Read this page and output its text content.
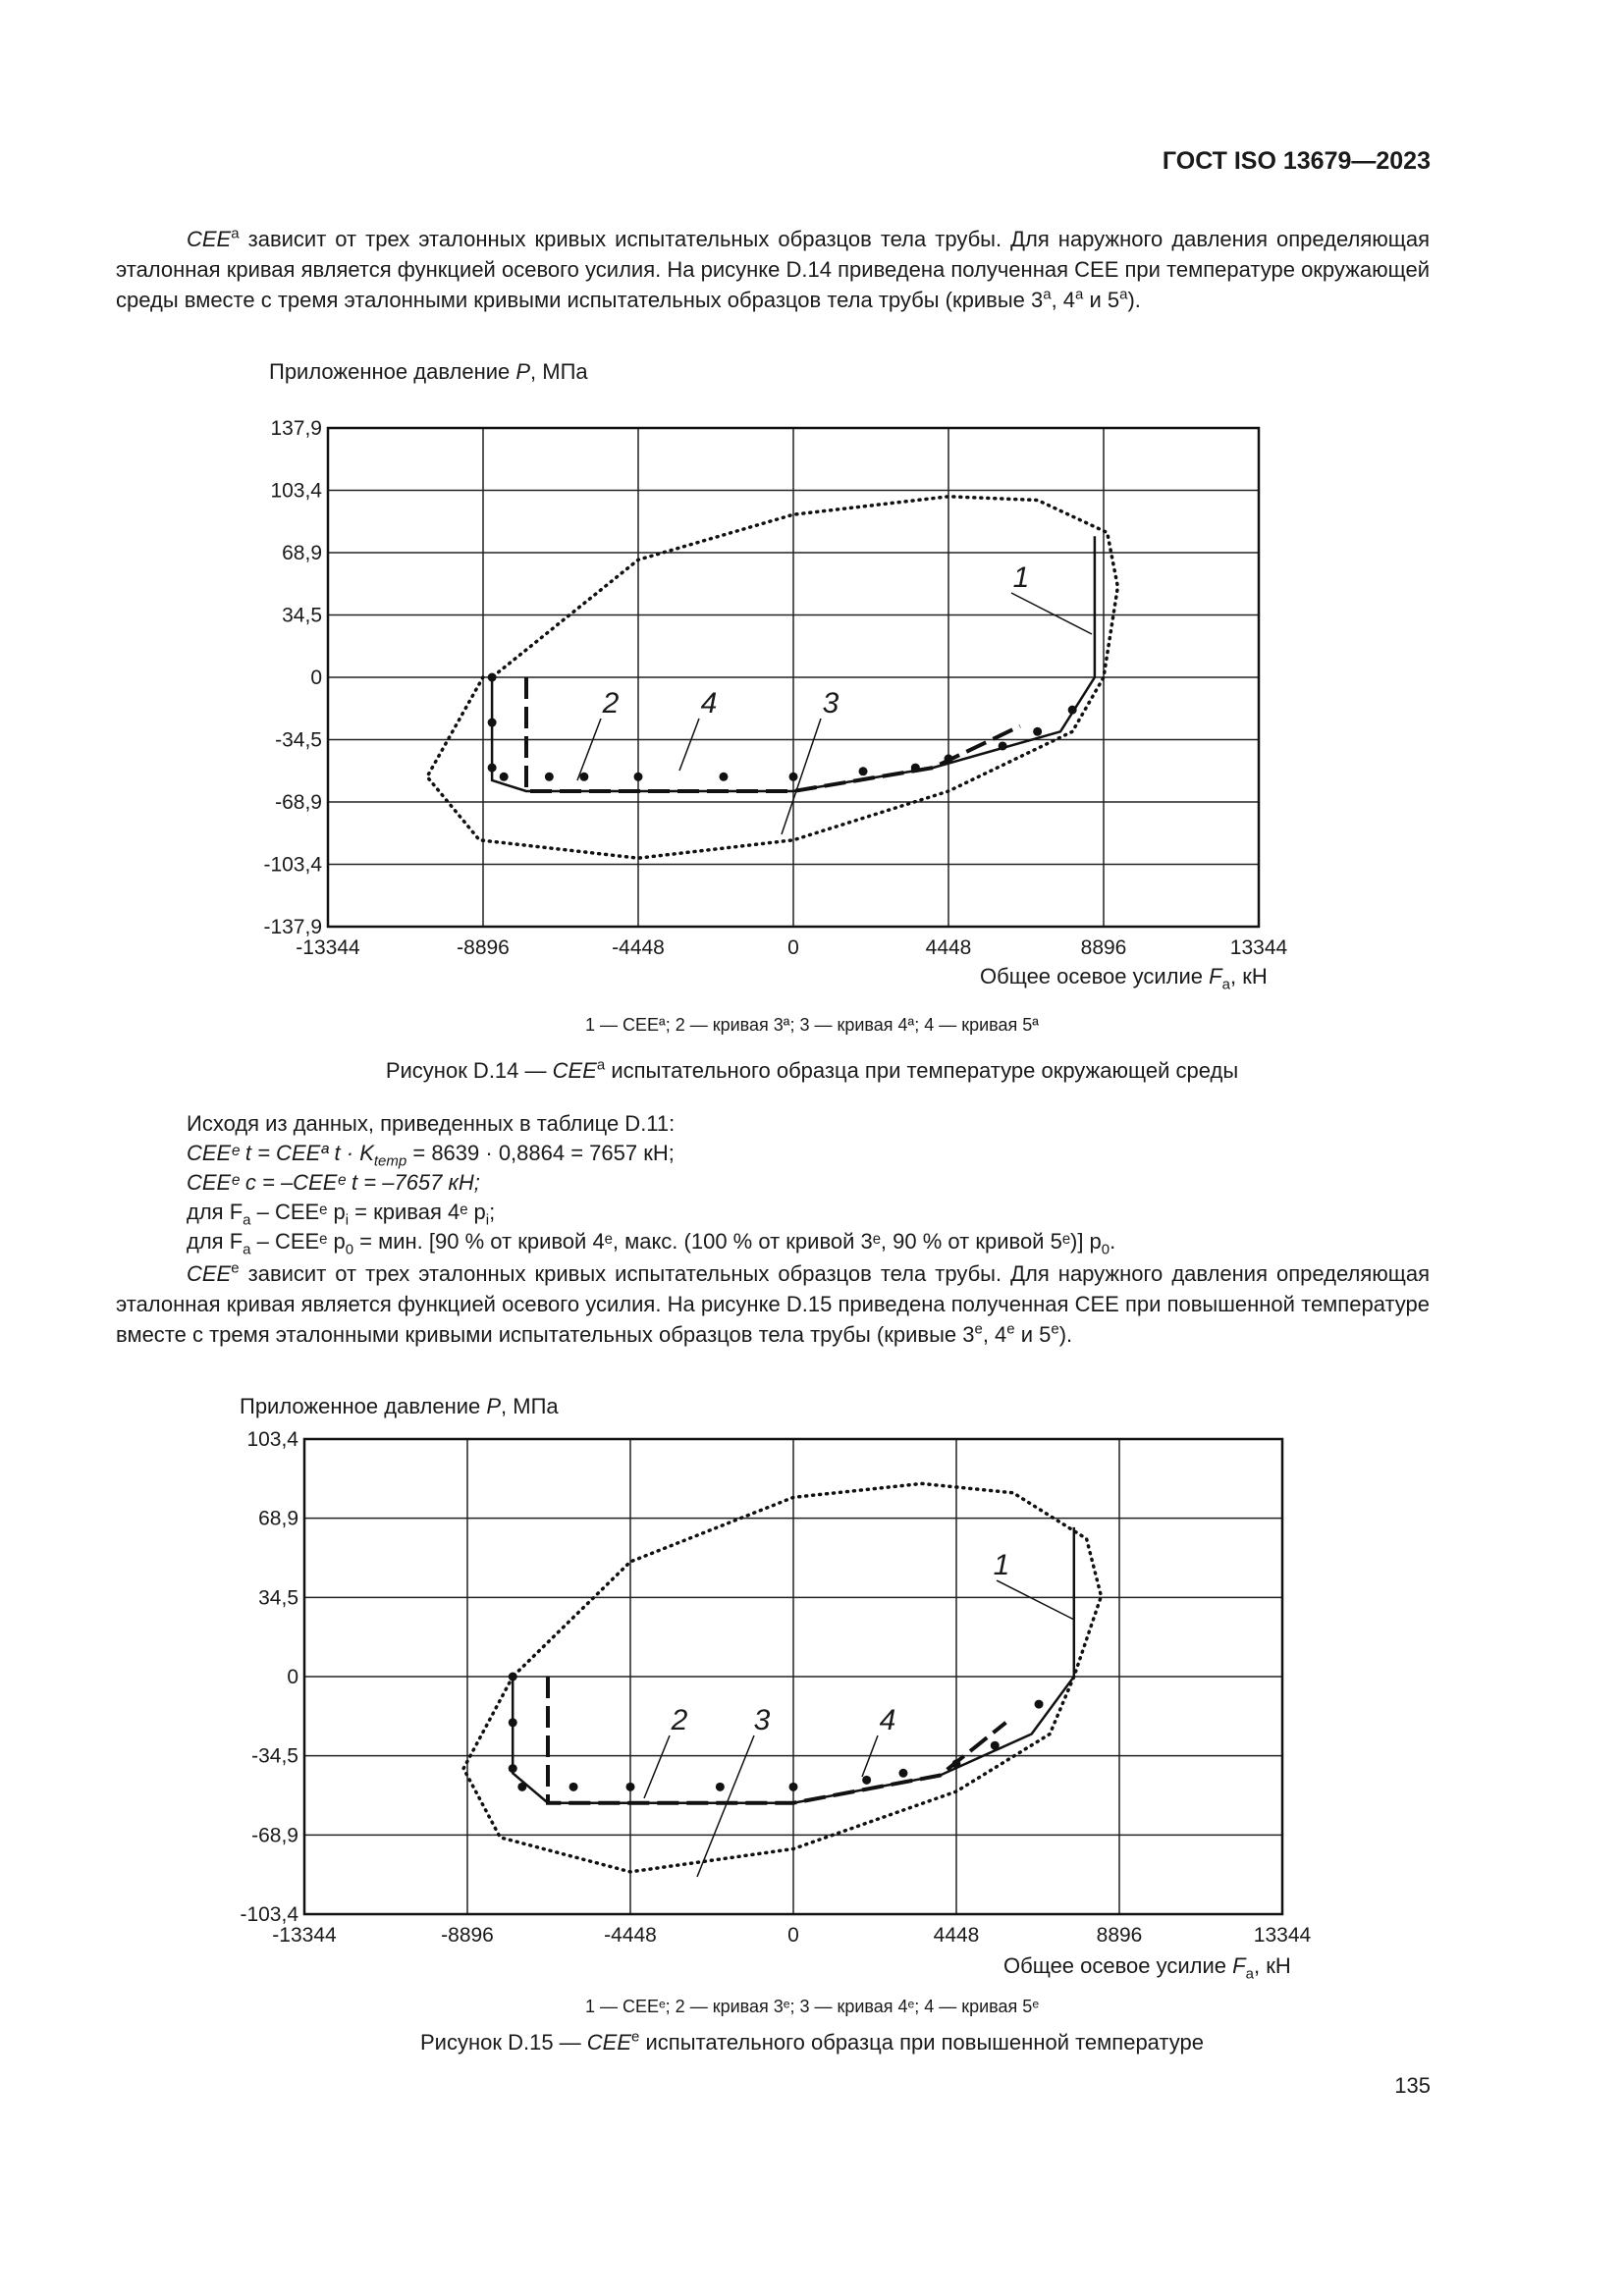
ГОСТ ISO 13679—2023
CEE$^a$ зависит от трех эталонных кривых испытательных образцов тела трубы. Для наружного давления определяющая эталонная кривая является функцией осевого усилия. На рисунке D.14 приведена полученная СЕЕ при температуре окружающей среды вместе с тремя эталонными кривыми испытательных образцов тела трубы (кривые 3$^a$, 4$^a$ и 5$^a$).
Приложенное давление P, МПа
-13344	-8896	-4448	0	4448	8896	13344
137,9
103,4
68,9
34,5
0
-34,5
-68,9
-103,4
-137,9
1
2	3
4
Общее осевое усилие $F_a$, кН
1 — CEEª; 2 — кривая 3ª; 3 — кривая 4ª; 4 — кривая 5ª
Рисунок D.14 — CEE$^a$ испытательного образца при температуре окружающей среды
Исходя из данных, приведенных в таблице D.11:
CEEᵉ t = CEEª $t \cdot K_{temp} = 8639 \cdot 0,8864 = 7657$ кН;
CEEᵉ c = –CEEᵉ t = –7657 кН;
для $F_a$ – CEEᵉ $p_i$ = кривая 4ᵉ $p_i$;
для $F_a$ – CEEᵉ $p_0$ = мин. [90 % от кривой 4ᵉ, макс. (100 % от кривой 3ᵉ, 90 % от кривой 5ᵉ)] $p_0$.
CEE$^e$ зависит от трех эталонных кривых испытательных образцов тела трубы. Для наружного давления определяющая эталонная кривая является функцией осевого усилия. На рисунке D.15 приведена полученная СЕЕ при повышенной температуре вместе с тремя эталонными кривыми испытательных образцов тела трубы (кривые 3e, 4e и 5e).
Приложенное давление P, МПа
-13344	-8896	-4448	0	4448	8896	13344
103,4
68,9
34,5
0
-34,5
-68,9
-103,4
1
2 3	4
Общее осевое усилие $F_a$, кН
1 — CEEᵉ; 2 — кривая 3ᵉ; 3 — кривая 4ᵉ; 4 — кривая 5ᵉ
Рисунок D.15 — CEE$^e$ испытательного образца при повышенной температуре
135
